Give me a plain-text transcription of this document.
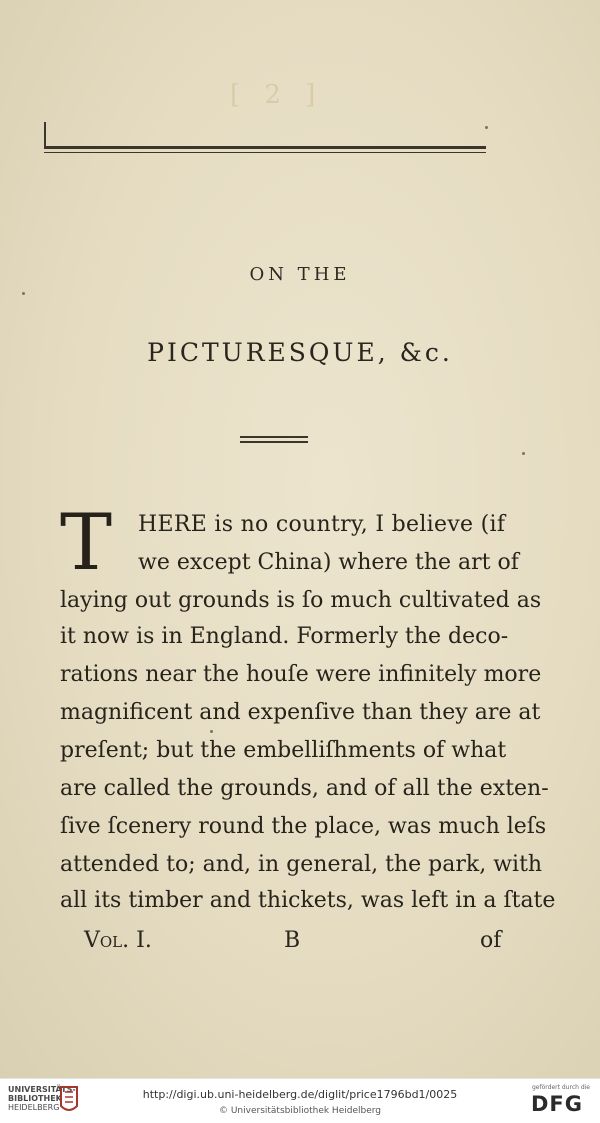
[ 2 ]
ON THE
PICTURESQUE, &c.
T HERE is no country, I believe (if
we except China) where the art of
laying out grounds is ſo much cultivated as
it now is in England. Formerly the deco-
rations near the houſe were infinitely more
magnificent and expenſive than they are at
preſent; but the embelliſhments of what
are called the grounds, and of all the exten-
ſive ſcenery round the place, was much leſs
attended to; and, in general, the park, with
all its timber and thickets, was left in a ſtate
Vol. I.	B	of
UNIVERSITÄTS-
BIBLIOTHEK
HEIDELBERG
http://digi.ub.uni-heidelberg.de/diglit/price1796bd1/0025
© Universitätsbibliothek Heidelberg
gefördert durch die
DFG
